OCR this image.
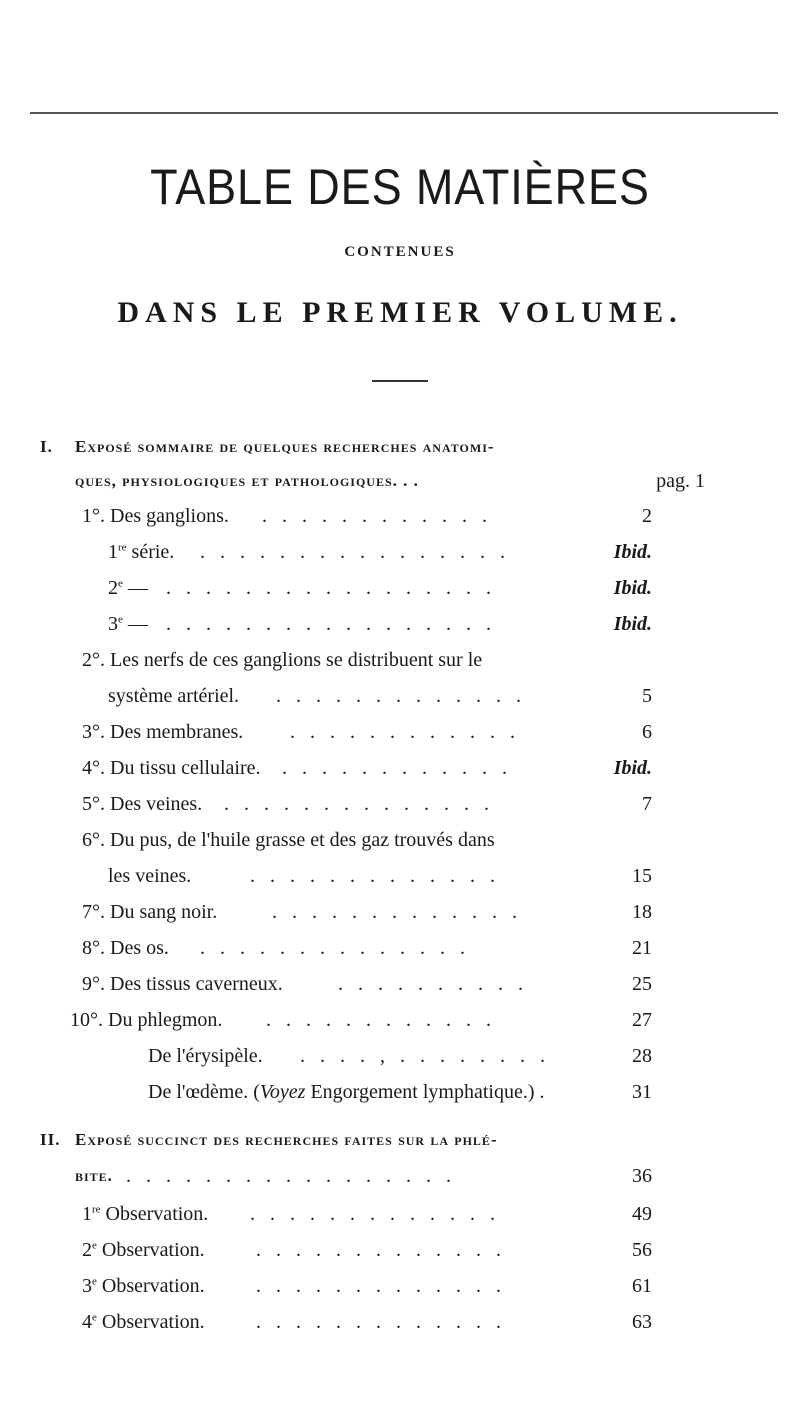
TABLE DES MATIÈRES
CONTENUES
DANS LE PREMIER VOLUME.
I. Exposé sommaire de quelques recherches anatomi-
ques, physiologiques et pathologiques. . .	pag. 1
1°. Des ganglions. . . . . . . . . . . . .	2
1re série. . . . . . . . . . . . . . . . .	Ibid.
2e — . . . . . . . . . . . . . . . . .	Ibid.
3e — . . . . . . . . . . . . . . . . .	Ibid.
2°. Les nerfs de ces ganglions se distribuent sur le
système artériel. . . . . . . . . . . . . .	5
3°. Des membranes. . . . . . . . . . . . .	6
4°. Du tissu cellulaire. . . . . . . . . . . . .	Ibid.
5°. Des veines. . . . . . . . . . . . . . .	7
6°. Du pus, de l'huile grasse et des gaz trouvés dans
les veines.	. . . . . . . . . . . . .	15
7°. Du sang noir.	. . . . . . . . . . . . .	18
8°. Des os. . . . . . . . . . . . . . .	21
9°. Des tissus caverneux.	. . . . . . . . . .	25
10°. Du phlegmon. . . . . . . . . . . . .	27
De l'érysipèle. . . . . , . . . . . . . .	28
De l'œdème. (Voyez Engorgement lymphatique.) .	31
II. Exposé succinct des recherches faites sur la phlé-
bite. . . . . . . . . . . . . . . . . .	36
1re Observation. . . . . . . . . . . . . .	49
2e Observation.	. . . . . . . . . . . . .	56
3e Observation.	. . . . . . . . . . . . .	61
4e Observation.	. . . . . . . . . . . . .	63
